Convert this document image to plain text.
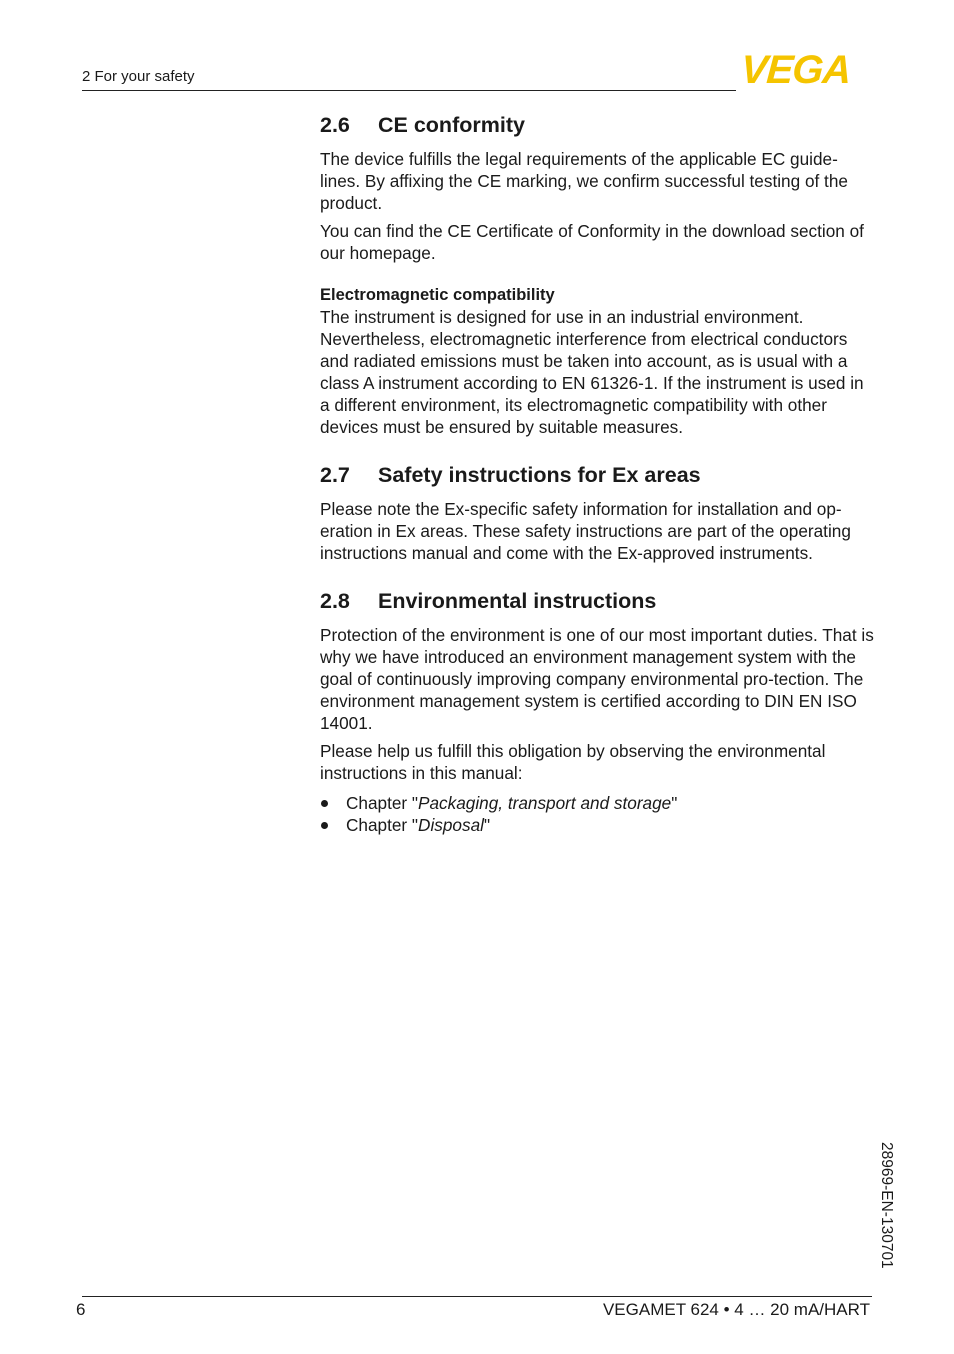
2 For your safety	VEGA
2.6 CE conformity

The device fulfills the legal requirements of the applicable EC guide-lines. By affixing the CE marking, we confirm successful testing of the product.

You can find the CE Certificate of Conformity in the download section of our homepage.

Electromagnetic compatibility

The instrument is designed for use in an industrial environment. Nevertheless, electromagnetic interference from electrical conductors and radiated emissions must be taken into account, as is usual with a class A instrument according to EN 61326-1. If the instrument is used in a different environment, its electromagnetic compatibility with other devices must be ensured by suitable measures.

2.7 Safety instructions for Ex areas

Please note the Ex-specific safety information for installation and op-eration in Ex areas. These safety instructions are part of the operating instructions manual and come with the Ex-approved instruments.

2.8 Environmental instructions

Protection of the environment is one of our most important duties. That is why we have introduced an environment management system with the goal of continuously improving company environmental pro-tection. The environment management system is certified according to DIN EN ISO 14001.

Please help us fulfill this obligation by observing the environmental instructions in this manual:

Chapter "Packaging, transport and storage"
Chapter "Disposal"
28969-EN-130701
6	VEGAMET 624 • 4 … 20 mA/HART
